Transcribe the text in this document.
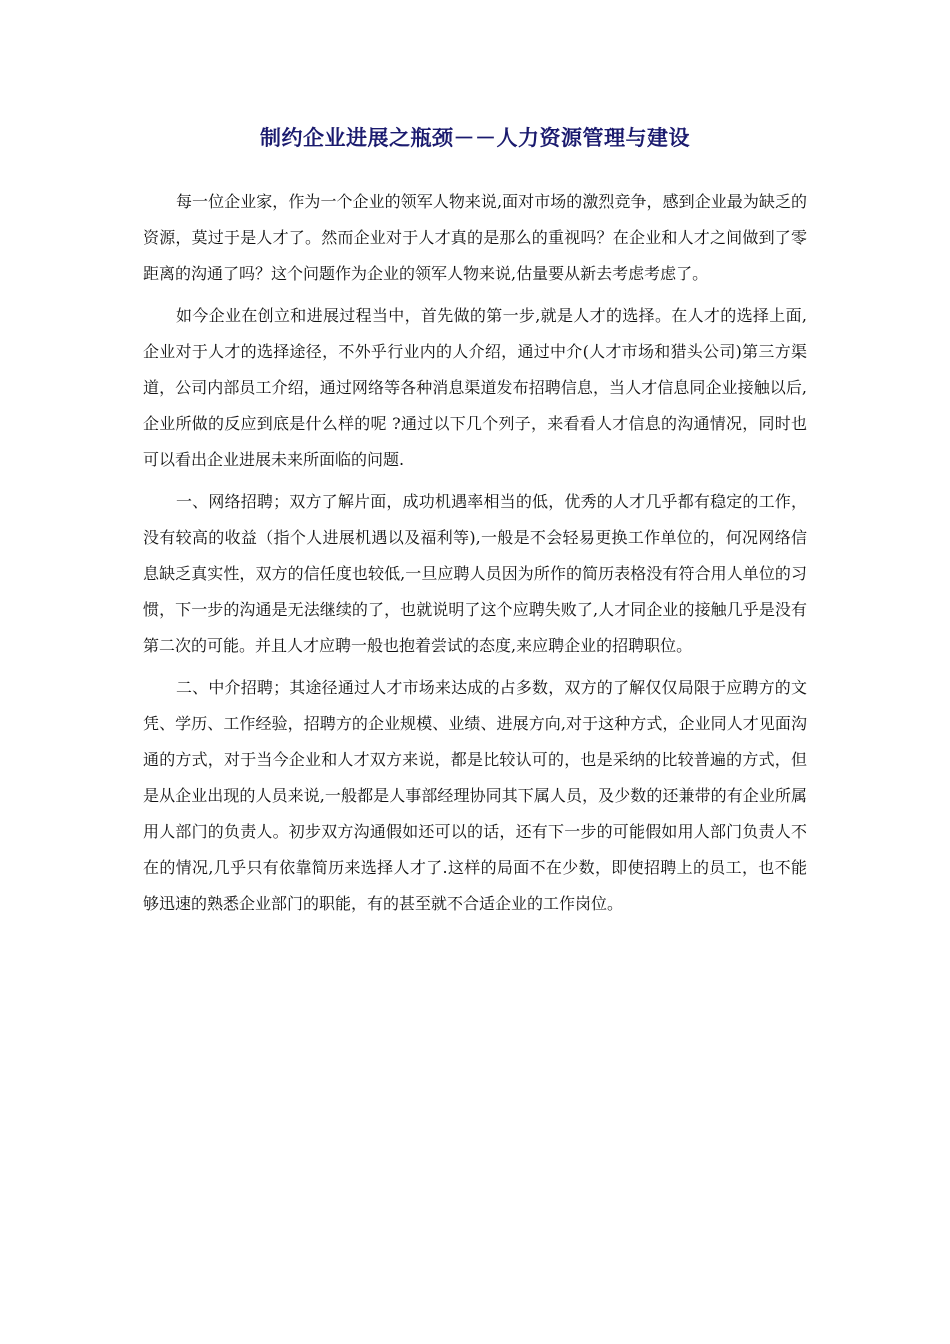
制约企业进展之瓶颈－－人力资源管理与建设

每一位企业家，作为一个企业的领军人物来说,面对市场的激烈竞争，感到企业最为缺乏的资源，莫过于是人才了。然而企业对于人才真的是那么的重视吗？在企业和人才之间做到了零距离的沟通了吗？这个问题作为企业的领军人物来说,估量要从新去考虑考虑了。

如今企业在创立和进展过程当中，首先做的第一步,就是人才的选择。在人才的选择上面,企业对于人才的选择途径，不外乎行业内的人介绍，通过中介(人才市场和猎头公司)第三方渠道，公司内部员工介绍，通过网络等各种消息渠道发布招聘信息，当人才信息同企业接触以后,企业所做的反应到底是什么样的呢 ?通过以下几个列子，来看看人才信息的沟通情况，同时也可以看出企业进展未来所面临的问题.

一、网络招聘；双方了解片面，成功机遇率相当的低，优秀的人才几乎都有稳定的工作，没有较高的收益（指个人进展机遇以及福利等),一般是不会轻易更换工作单位的，何况网络信息缺乏真实性，双方的信任度也较低,一旦应聘人员因为所作的简历表格没有符合用人单位的习惯，下一步的沟通是无法继续的了，也就说明了这个应聘失败了,人才同企业的接触几乎是没有第二次的可能。并且人才应聘一般也抱着尝试的态度,来应聘企业的招聘职位。

二、中介招聘；其途径通过人才市场来达成的占多数，双方的了解仅仅局限于应聘方的文凭、学历、工作经验，招聘方的企业规模、业绩、进展方向,对于这种方式，企业同人才见面沟通的方式，对于当今企业和人才双方来说，都是比较认可的，也是采纳的比较普遍的方式，但是从企业出现的人员来说,一般都是人事部经理协同其下属人员，及少数的还兼带的有企业所属用人部门的负责人。初步双方沟通假如还可以的话，还有下一步的可能假如用人部门负责人不在的情况,几乎只有依靠简历来选择人才了.这样的局面不在少数，即使招聘上的员工，也不能够迅速的熟悉企业部门的职能，有的甚至就不合适企业的工作岗位。
